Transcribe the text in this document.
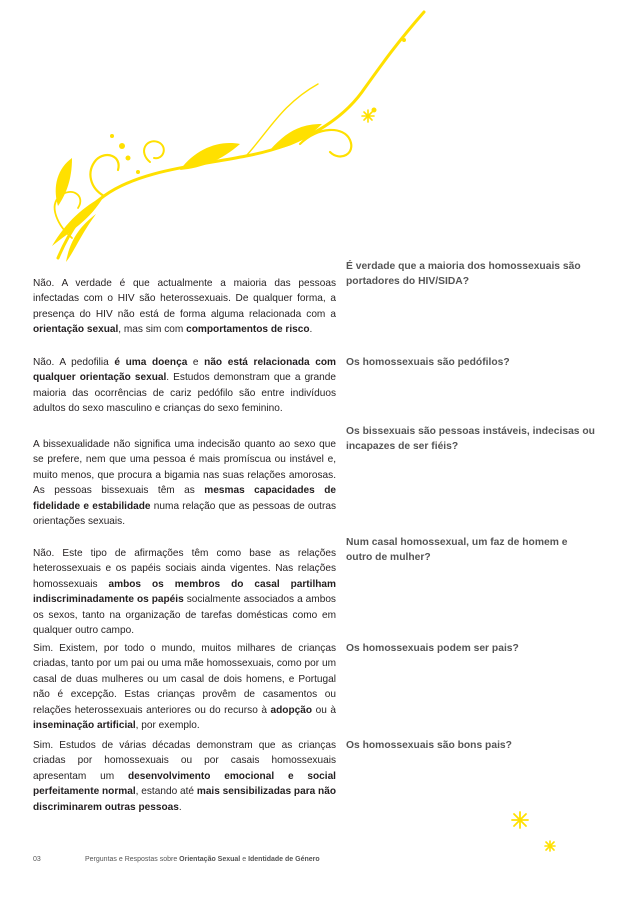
É verdade que a maioria dos homossexuais são portadores do HIV/SIDA?

Não. A verdade é que actualmente a maioria das pessoas infectadas com o HIV são heterossexuais. De qualquer forma, a presença do HIV não está de forma alguma relacionada com a orientação sexual, mas sim com comportamentos de risco.

Os homossexuais são pedófilos?

Não. A pedofilia é uma doença e não está relacionada com qualquer orientação sexual. Estudos demonstram que a grande maioria das ocorrências de cariz pedófilo são entre indivíduos adultos do sexo masculino e crianças do sexo feminino.

Os bissexuais são pessoas instáveis, indecisas ou incapazes de ser fiéis?

A bissexualidade não significa uma indecisão quanto ao sexo que se prefere, nem que uma pessoa é mais promíscua ou instável e, muito menos, que procura a bigamia nas suas relações amorosas. As pessoas bissexuais têm as mesmas capacidades de fidelidade e estabilidade numa relação que as pessoas de outras orientações sexuais.

Num casal homossexual, um faz de homem e outro de mulher?

Não. Este tipo de afirmações têm como base as relações heterossexuais e os papéis sociais ainda vigentes. Nas relações homossexuais ambos os membros do casal partilham indiscriminadamente os papéis socialmente associados a ambos os sexos, tanto na organização de tarefas domésticas como em qualquer outro campo.

Os homossexuais podem ser pais?

Sim. Existem, por todo o mundo, muitos milhares de crianças criadas, tanto por um pai ou uma mãe homossexuais, como por um casal de duas mulheres ou um casal de dois homens, e Portugal não é excepção. Estas crianças provêm de casamentos ou relações heterossexuais anteriores ou do recurso à adopção ou à inseminação artificial, por exemplo.

Os homossexuais são bons pais?

Sim. Estudos de várias décadas demonstram que as crianças criadas por homossexuais ou por casais homossexuais apresentam um desenvolvimento emocional e social perfeitamente normal, estando até mais sensibilizadas para não discriminarem outras pessoas.

03	Perguntas e Respostas sobre Orientação Sexual e Identidade de Género
